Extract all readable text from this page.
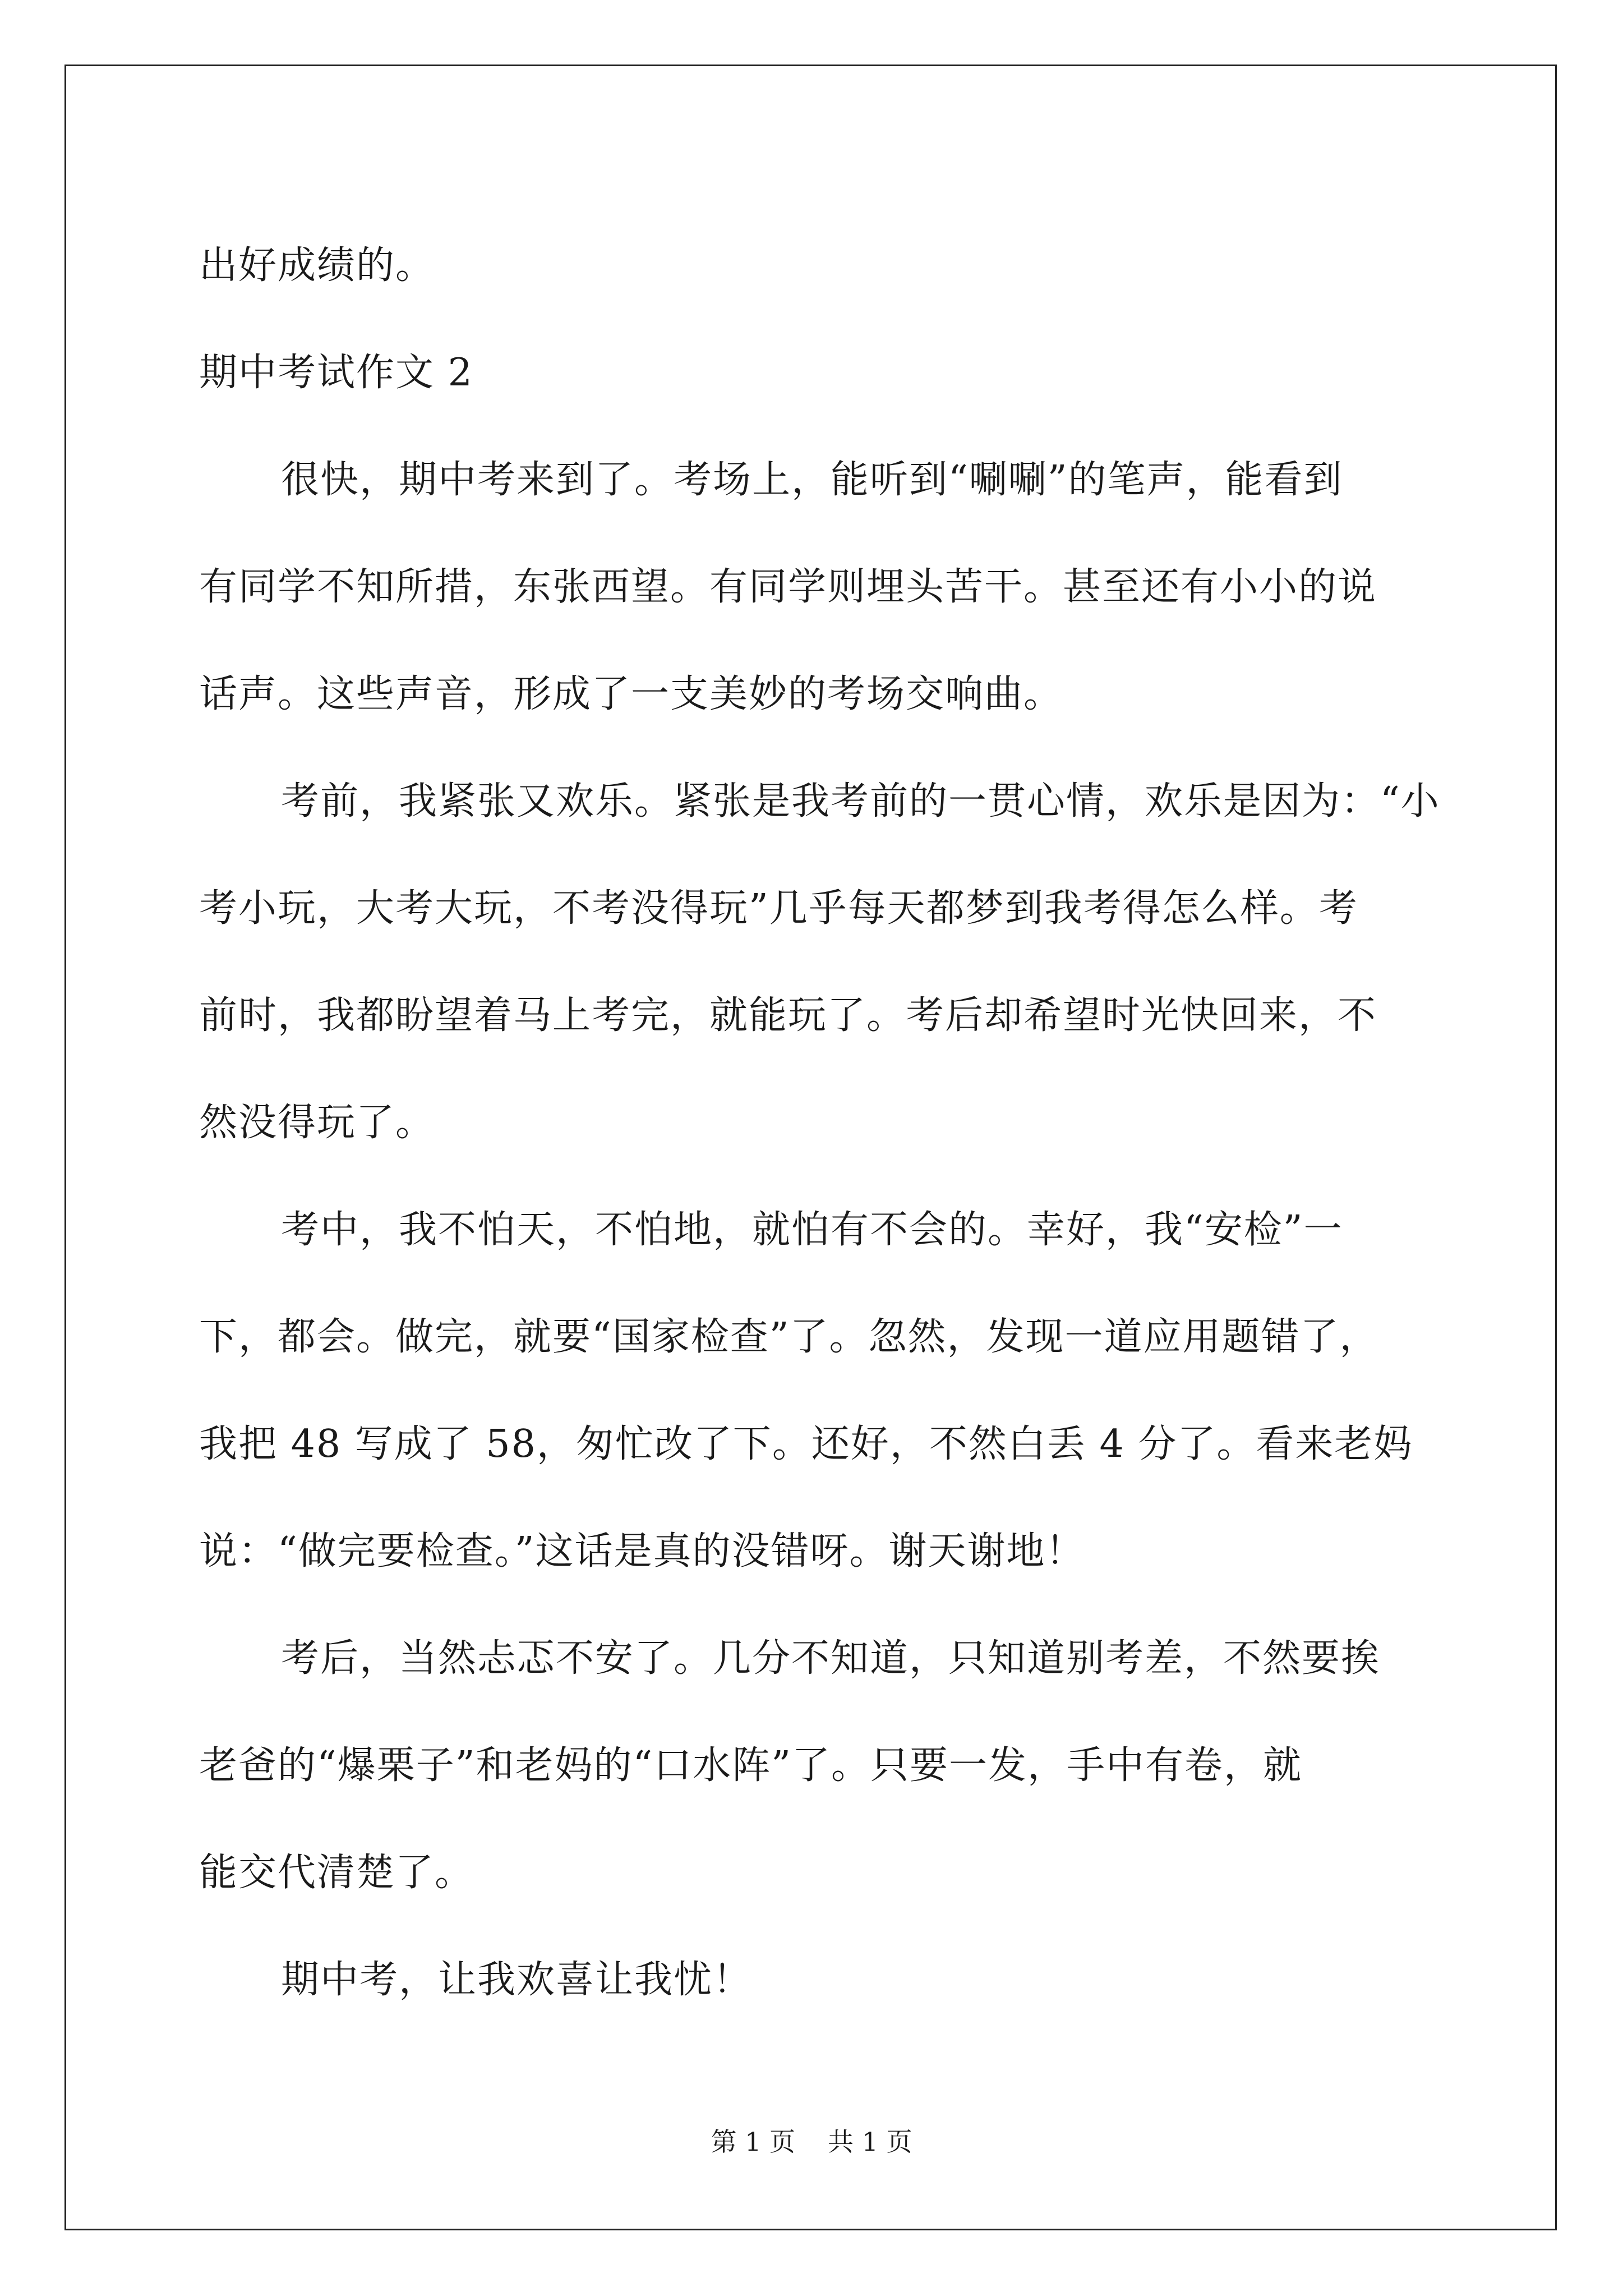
出好成绩的。
期中考试作文 2
很快，期中考来到了。考场上，能听到“唰唰”的笔声，能看到
有同学不知所措，东张西望。有同学则埋头苦干。甚至还有小小的说
话声。这些声音，形成了一支美妙的考场交响曲。
考前，我紧张又欢乐。紧张是我考前的一贯心情，欢乐是因为：“小
考小玩，大考大玩，不考没得玩”几乎每天都梦到我考得怎么样。考
前时，我都盼望着马上考完，就能玩了。考后却希望时光快回来，不
然没得玩了。
考中，我不怕天，不怕地，就怕有不会的。幸好，我“安检”一
下，都会。做完，就要“国家检查”了。忽然，发现一道应用题错了，
我把 48 写成了 58，匆忙改了下。还好，不然白丢 4 分了。看来老妈
说：“做完要检查。”这话是真的没错呀。谢天谢地！
考后，当然忐忑不安了。几分不知道，只知道别考差，不然要挨
老爸的“爆栗子”和老妈的“口水阵”了。只要一发，手中有卷，就
能交代清楚了。
期中考，让我欢喜让我忧！
第 1 页 共 1 页
